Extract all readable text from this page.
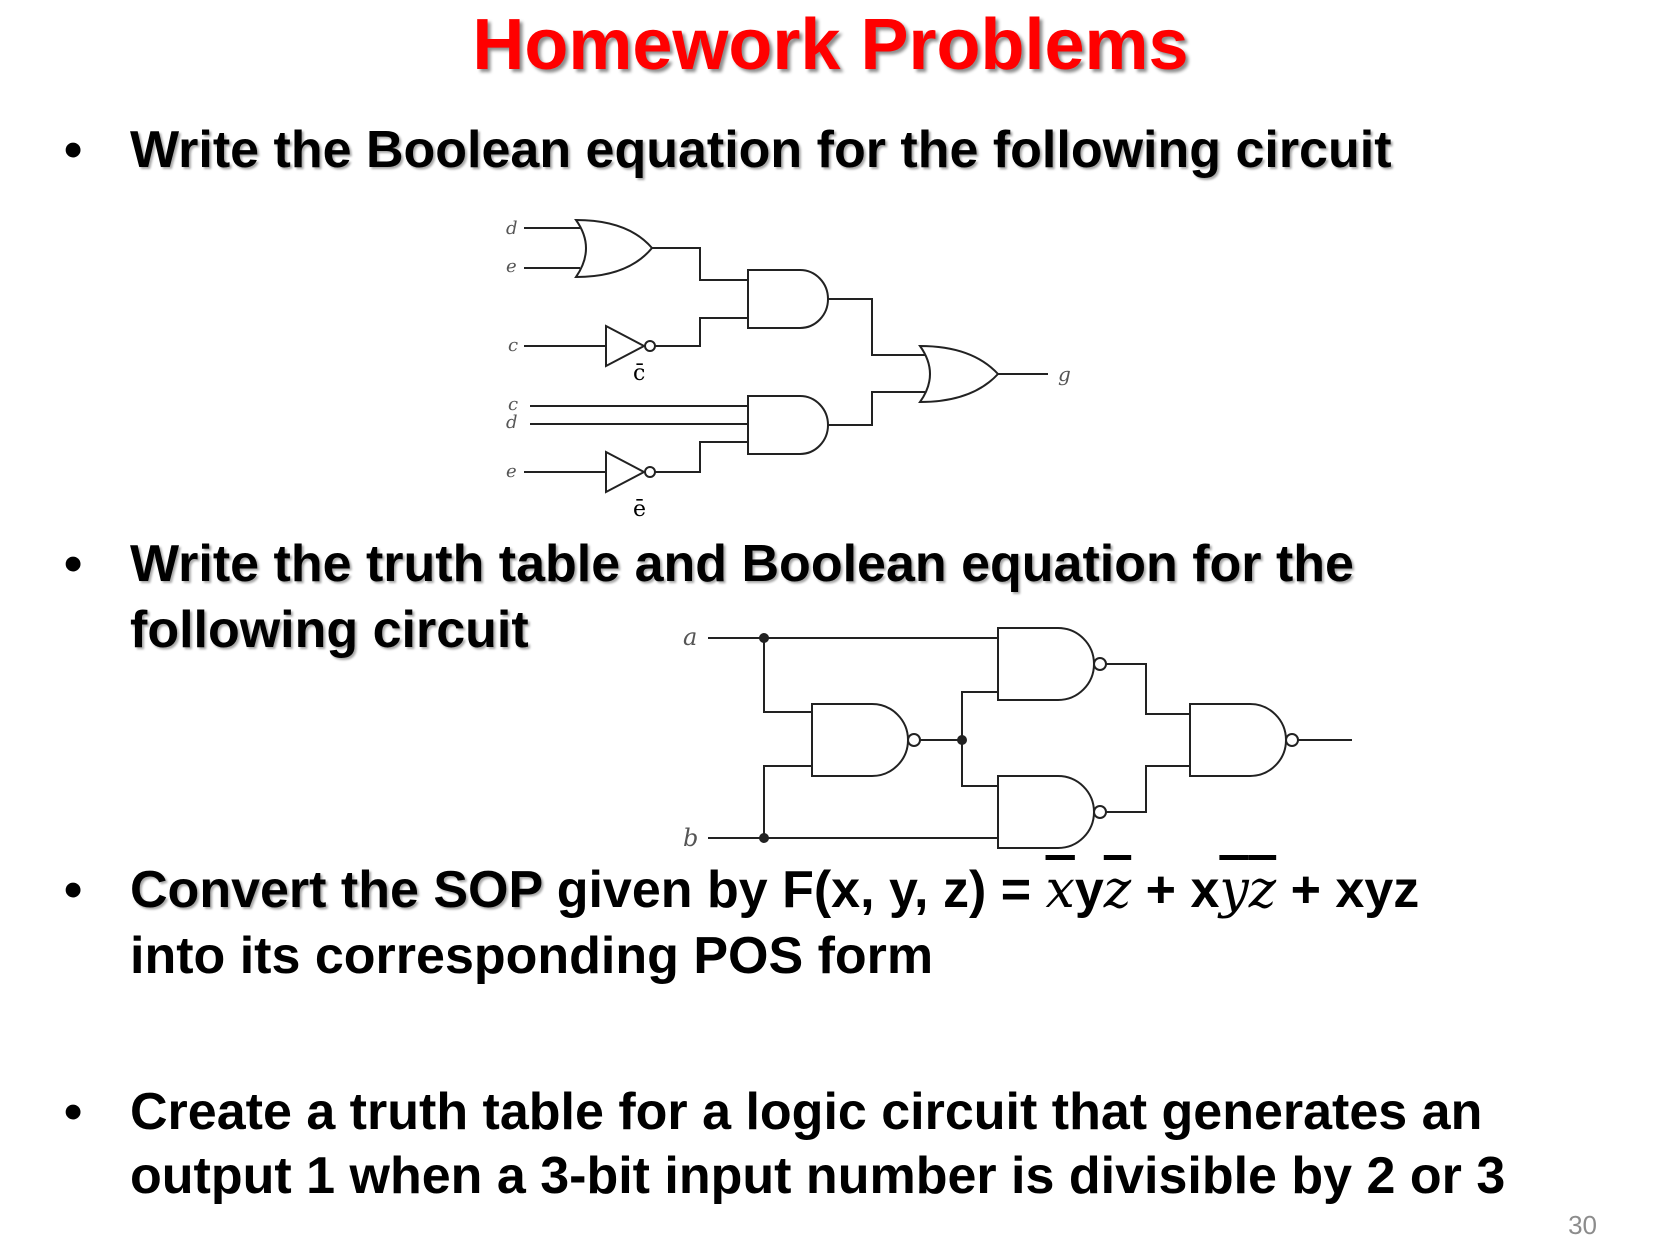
Homework Problems
• Write the Boolean equation for the following circuit
d
e
c
c̄
c
d
e
ē
g
• Write the truth table and Boolean equation for the
following circuit	a
b
• Convert the SOP given by F(x, y, $z) = \overline{x}y\overline{z} + x\overline{y}\overline{z}$ + xyz
into its corresponding POS form
• Create a truth table for a logic circuit that generates an
output 1 when a 3-bit input number is divisible by 2 or 3
30
